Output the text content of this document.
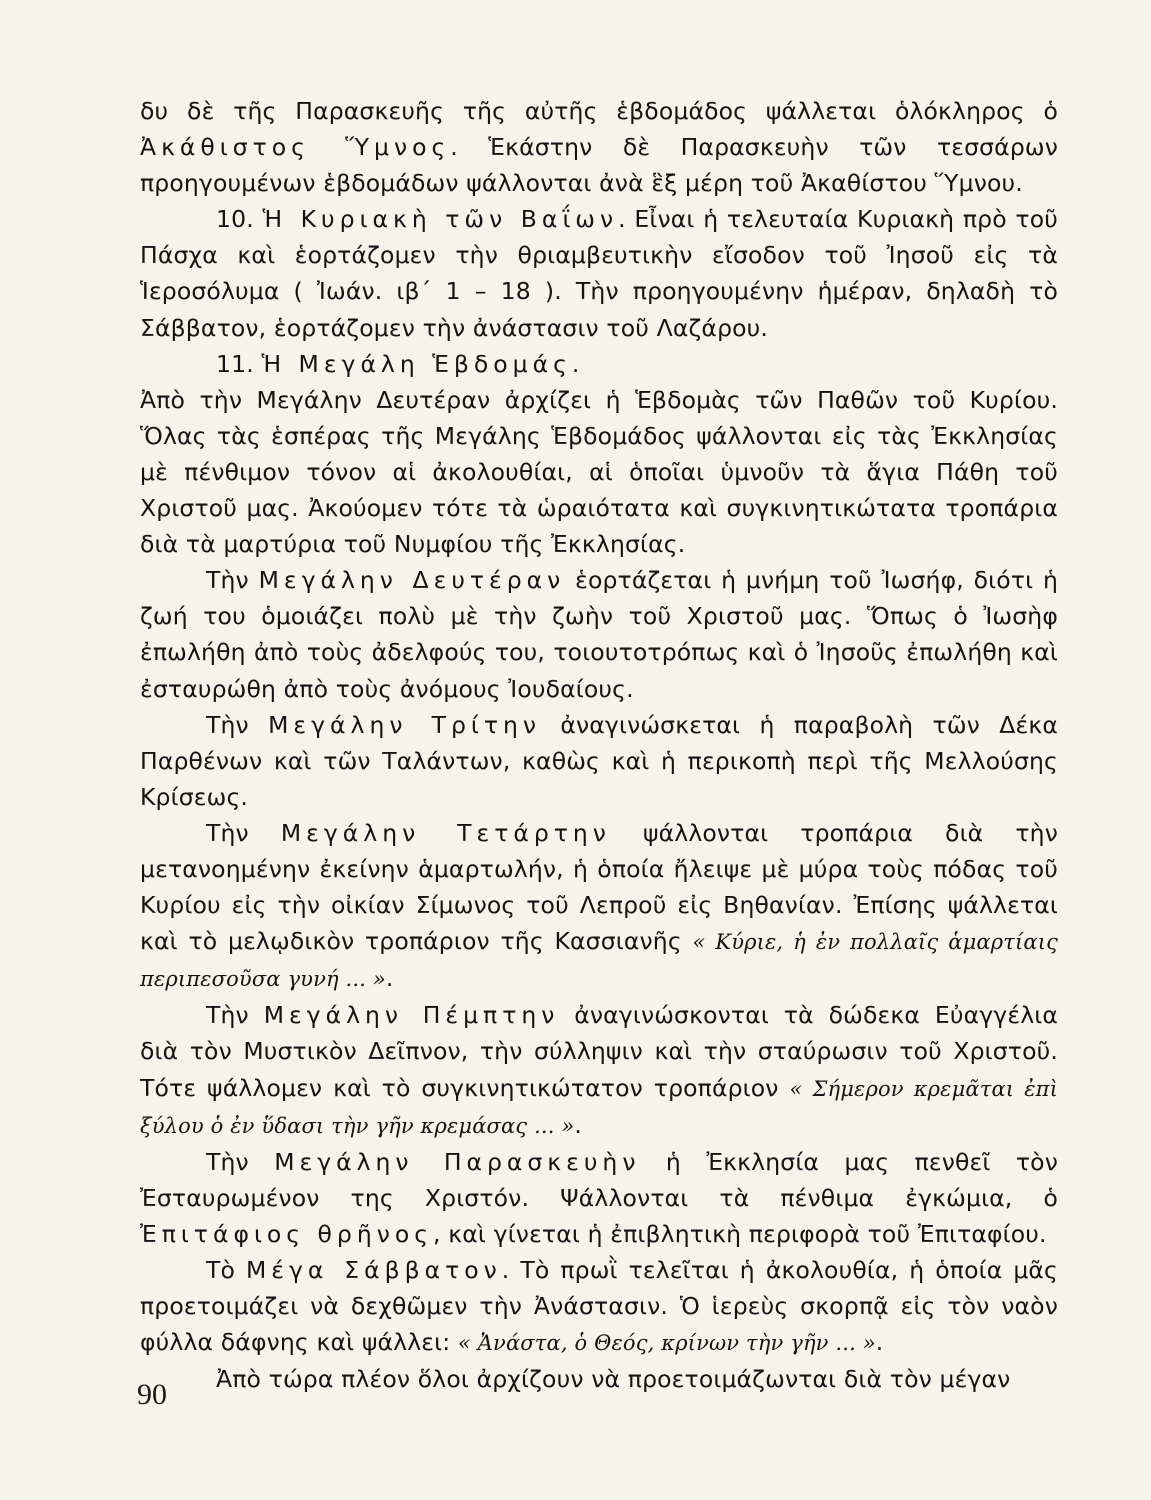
δυ δὲ τῆς Παρασκευῆς τῆς αὐτῆς ἑβδομάδος ψάλλεται ὁλόκληρος ὁ Ἀκάθιστος Ὕμνος. Ἑκάστην δὲ Παρασκευὴν τῶν τεσσάρων προηγουμένων ἑβδομάδων ψάλλονται ἀνὰ ἓξ μέρη τοῦ Ἀκαθίστου Ὕμνου.

10. Ἡ Κυριακὴ τῶν Βαΐων. Εἶναι ἡ τελευταία Κυριακὴ πρὸ τοῦ Πάσχα καὶ ἑορτάζομεν τὴν θριαμβευτικὴν εἴσοδον τοῦ Ἰησοῦ εἰς τὰ Ἱεροσόλυμα ( Ἰωάν. ιβ΄ 1 – 18 ). Τὴν προηγουμένην ἡμέραν, δηλαδὴ τὸ Σάββατον, ἑορτάζομεν τὴν ἀνάστασιν τοῦ Λαζάρου.

11. Ἡ Μεγάλη Ἑβδομάς.

Ἀπὸ τὴν Μεγάλην Δευτέραν ἀρχίζει ἡ Ἑβδομὰς τῶν Παθῶν τοῦ Κυρίου. Ὅλας τὰς ἑσπέρας τῆς Μεγάλης Ἑβδομάδος ψάλλονται εἰς τὰς Ἐκκλησίας μὲ πένθιμον τόνον αἱ ἀκολουθίαι, αἱ ὁποῖαι ὑμνοῦν τὰ ἅγια Πάθη τοῦ Χριστοῦ μας. Ἀκούομεν τότε τὰ ὡραιότατα καὶ συγκινητικώτατα τροπάρια διὰ τὰ μαρτύρια τοῦ Νυμφίου τῆς Ἐκκλησίας.

Τὴν Μεγάλην Δευτέραν ἑορτάζεται ἡ μνήμη τοῦ Ἰωσήφ, διότι ἡ ζωή του ὁμοιάζει πολὺ μὲ τὴν ζωὴν τοῦ Χριστοῦ μας. Ὅπως ὁ Ἰωσὴφ ἐπωλήθη ἀπὸ τοὺς ἀδελφούς του, τοιουτοτρόπως καὶ ὁ Ἰησοῦς ἐπωλήθη καὶ ἐσταυρώθη ἀπὸ τοὺς ἀνόμους Ἰουδαίους.

Τὴν Μεγάλην Τρίτην ἀναγινώσκεται ἡ παραβολὴ τῶν Δέκα Παρθένων καὶ τῶν Ταλάντων, καθὼς καὶ ἡ περικοπὴ περὶ τῆς Μελλούσης Κρίσεως.

Τὴν Μεγάλην Τετάρτην ψάλλονται τροπάρια διὰ τὴν μετανοημένην ἐκείνην ἁμαρτωλήν, ἡ ὁποία ἤλειψε μὲ μύρα τοὺς πόδας τοῦ Κυρίου εἰς τὴν οἰκίαν Σίμωνος τοῦ Λεπροῦ εἰς Βηθανίαν. Ἐπίσης ψάλλεται καὶ τὸ μελῳδικὸν τροπάριον τῆς Κασσιανῆς « Κύριε, ἡ ἐν πολλαῖς ἁμαρτίαις περιπεσοῦσα γυνή ... ».

Τὴν Μεγάλην Πέμπτην ἀναγινώσκονται τὰ δώδεκα Εὐαγγέλια διὰ τὸν Μυστικὸν Δεῖπνον, τὴν σύλληψιν καὶ τὴν σταύρωσιν τοῦ Χριστοῦ. Τότε ψάλλομεν καὶ τὸ συγκινητικώτατον τροπάριον « Σήμερον κρεμᾶται ἐπὶ ξύλου ὁ ἐν ὕδασι τὴν γῆν κρεμάσας ... ».

Τὴν Μεγάλην Παρασκευὴν ἡ Ἐκκλησία μας πενθεῖ τὸν Ἐσταυρωμένον της Χριστόν. Ψάλλονται τὰ πένθιμα ἐγκώμια, ὁ Ἐπιτάφιος θρῆνος, καὶ γίνεται ἡ ἐπιβλητικὴ περιφορὰ τοῦ Ἐπιταφίου.

Τὸ Μέγα Σάββατον. Τὸ πρωῒ τελεῖται ἡ ἀκολουθία, ἡ ὁποία μᾶς προετοιμάζει νὰ δεχθῶμεν τὴν Ἀνάστασιν. Ὁ ἱερεὺς σκορπᾷ εἰς τὸν ναὸν φύλλα δάφνης καὶ ψάλλει: « Ἀνάστα, ὁ Θεός, κρίνων τὴν γῆν ... ».

Ἀπὸ τώρα πλέον ὅλοι ἀρχίζουν νὰ προετοιμάζωνται διὰ τὸν μέγαν

90
